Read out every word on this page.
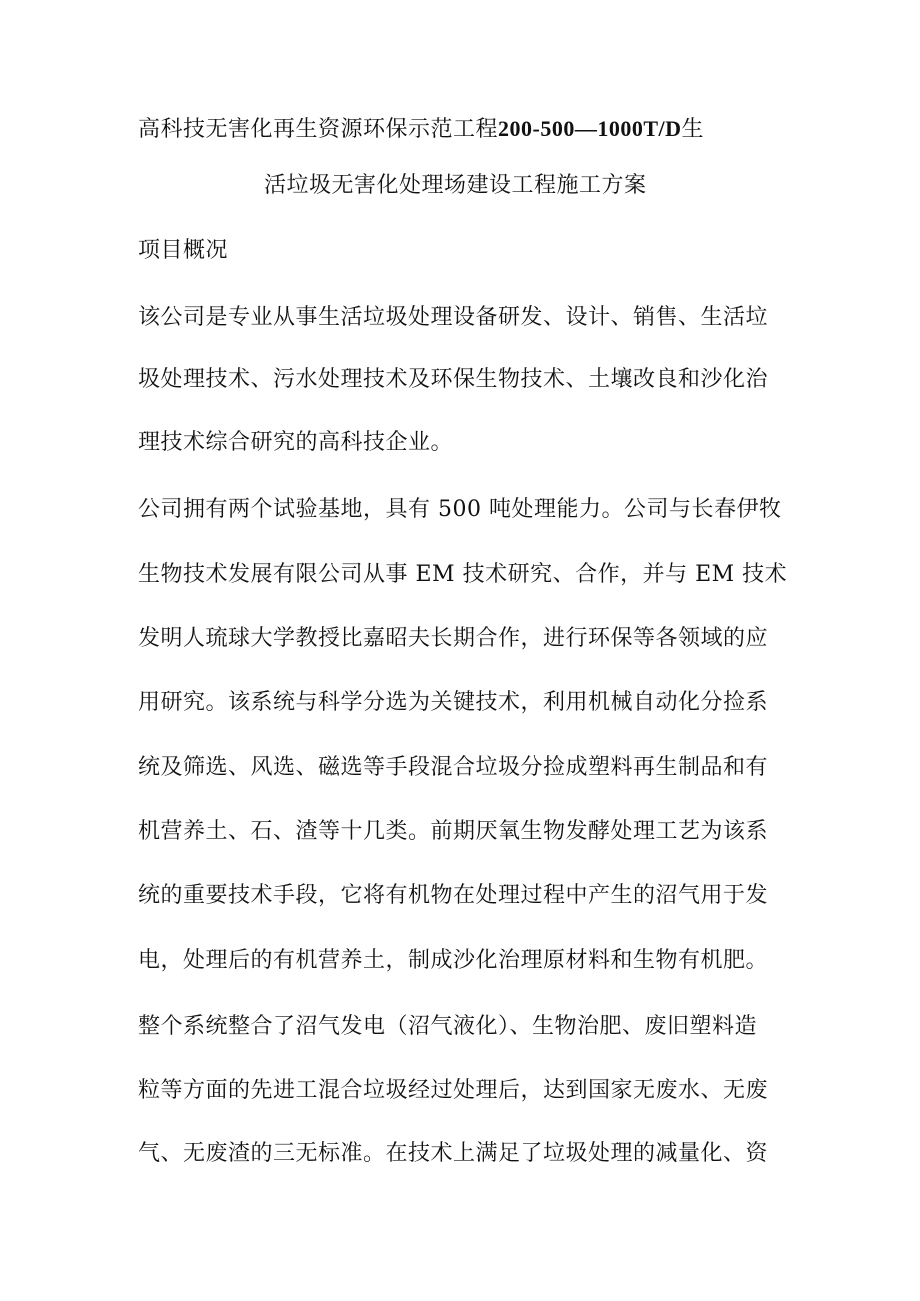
高科技无害化再生资源环保示范工程200-500—1000T/D生
活垃圾无害化处理场建设工程施工方案
项目概况
该公司是专业从事生活垃圾处理设备研发、设计、销售、生活垃
圾处理技术、污水处理技术及环保生物技术、土壤改良和沙化治
理技术综合研究的高科技企业。
公司拥有两个试验基地，具有 500 吨处理能力。公司与长春伊牧
生物技术发展有限公司从事 EM 技术研究、合作，并与 EM 技术
发明人琉球大学教授比嘉昭夫长期合作，进行环保等各领域的应
用研究。该系统与科学分选为关键技术，利用机械自动化分捡系
统及筛选、风选、磁选等手段混合垃圾分捡成塑料再生制品和有
机营养土、石、渣等十几类。前期厌氧生物发酵处理工艺为该系
统的重要技术手段，它将有机物在处理过程中产生的沼气用于发
电，处理后的有机营养土，制成沙化治理原材料和生物有机肥。
整个系统整合了沼气发电（沼气液化）、生物治肥、废旧塑料造
粒等方面的先进工混合垃圾经过处理后，达到国家无废水、无废
气、无废渣的三无标准。在技术上满足了垃圾处理的减量化、资
